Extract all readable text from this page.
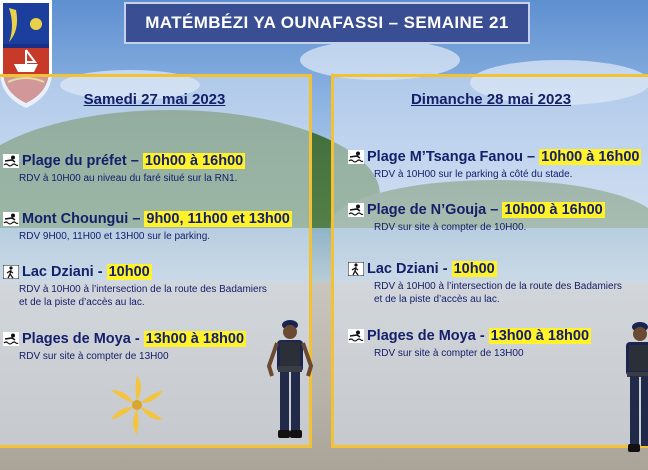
MATÉMBÉZI YA OUNAFASSI – SEMAINE 21
Samedi 27 mai 2023
Plage du préfet – 10h00 à 16h00
RDV à 10H00 au niveau du faré situé sur la RN1.
Mont Choungui – 9h00, 11h00 et 13h00
RDV 9H00, 11H00 et 13H00 sur le parking.
Lac Dziani - 10h00
RDV à 10H00 à l’intersection de la route des Badamiers
et de la piste d’accès au lac.
Plages de Moya - 13h00 à 18h00
RDV sur site à compter de 13H00
Dimanche 28 mai 2023
Plage M’Tsanga Fanou – 10h00 à 16h00
RDV à 10H00 sur le parking à côté du stade.
Plage de N’Gouja – 10h00 à 16h00
RDV sur site à compter de 10H00.
Lac Dziani - 10h00
RDV à 10H00 à l’intersection de la route des Badamiers
et de la piste d’accès au lac.
Plages de Moya - 13h00 à 18h00
RDV sur site à compter de 13H00
